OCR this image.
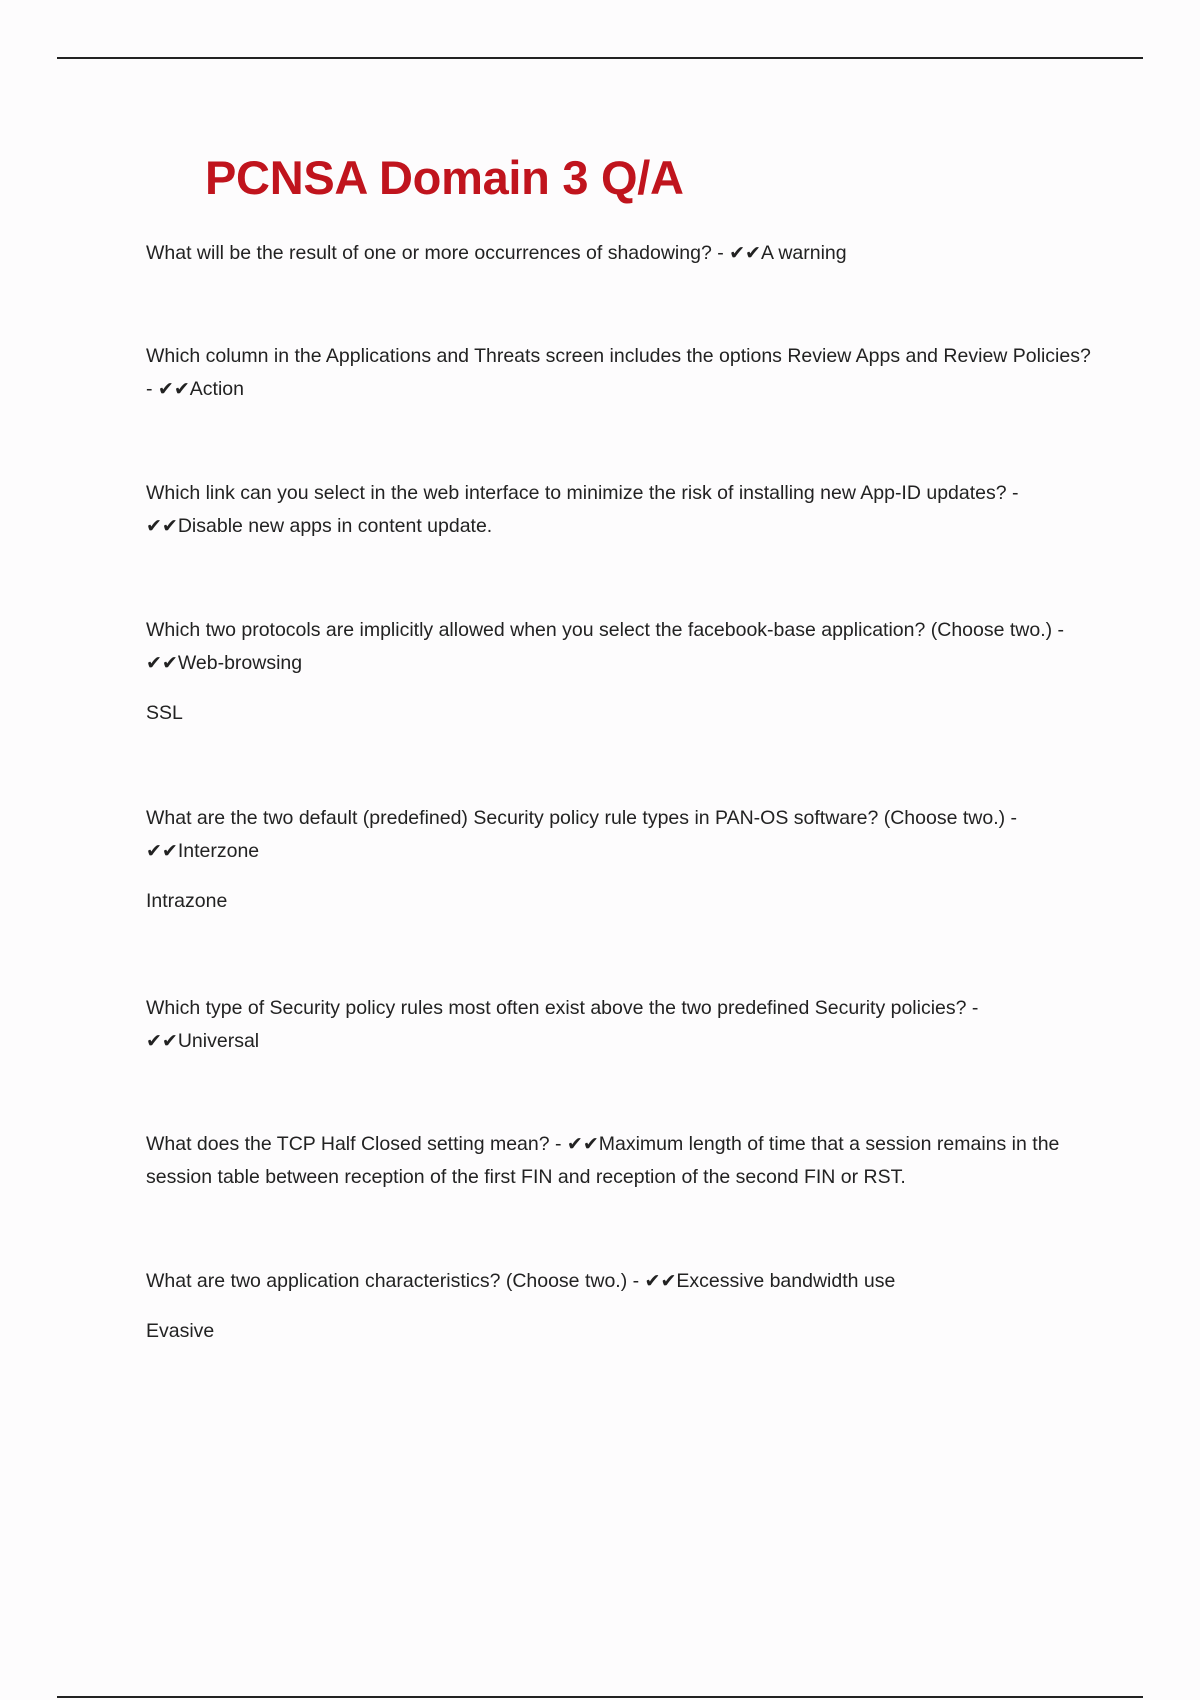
PCNSA Domain 3 Q/A

What will be the result of one or more occurrences of shadowing? - ✔✔A warning

Which column in the Applications and Threats screen includes the options Review Apps and Review Policies? - ✔✔Action

Which link can you select in the web interface to minimize the risk of installing new App-ID updates? - ✔✔Disable new apps in content update.

Which two protocols are implicitly allowed when you select the facebook-base application? (Choose two.) - ✔✔Web-browsing

SSL

What are the two default (predefined) Security policy rule types in PAN-OS software? (Choose two.) - ✔✔Interzone

Intrazone

Which type of Security policy rules most often exist above the two predefined Security policies? - ✔✔Universal

What does the TCP Half Closed setting mean? - ✔✔Maximum length of time that a session remains in the session table between reception of the first FIN and reception of the second FIN or RST.

What are two application characteristics? (Choose two.) - ✔✔Excessive bandwidth use

Evasive
